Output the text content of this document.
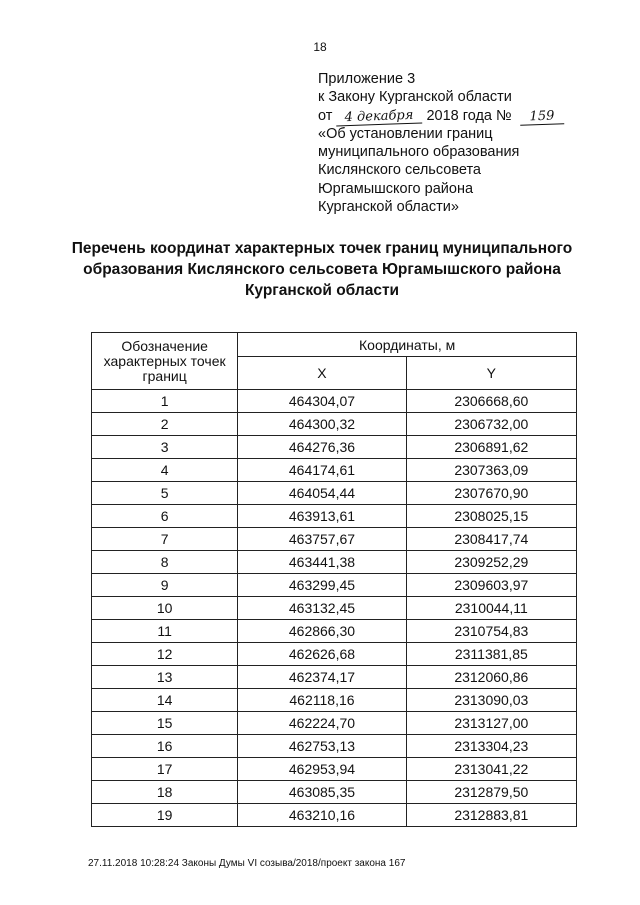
18
Приложение 3
к Закону Курганской области
от 4 декабря 2018 года № 159
«Об установлении границ
муниципального образования
Кислянского сельсовета
Юргамышского района
Курганской области»
Перечень координат характерных точек границ муниципального
образования Кислянского сельсовета Юргамышского района
Курганской области
Обозначение
характерных точек
границ	Координаты, м	
	X	Y
1	464304,07	2306668,60
2	464300,32	2306732,00
3	464276,36	2306891,62
4	464174,61	2307363,09
5	464054,44	2307670,90
6	463913,61	2308025,15
7	463757,67	2308417,74
8	463441,38	2309252,29
9	463299,45	2309603,97
10	463132,45	2310044,11
11	462866,30	2310754,83
12	462626,68	2311381,85
13	462374,17	2312060,86
14	462118,16	2313090,03
15	462224,70	2313127,00
16	462753,13	2313304,23
17	462953,94	2313041,22
18	463085,35	2312879,50
19	463210,16	2312883,81
27.11.2018 10:28:24 Законы Думы VI созыва/2018/проект закона 167
